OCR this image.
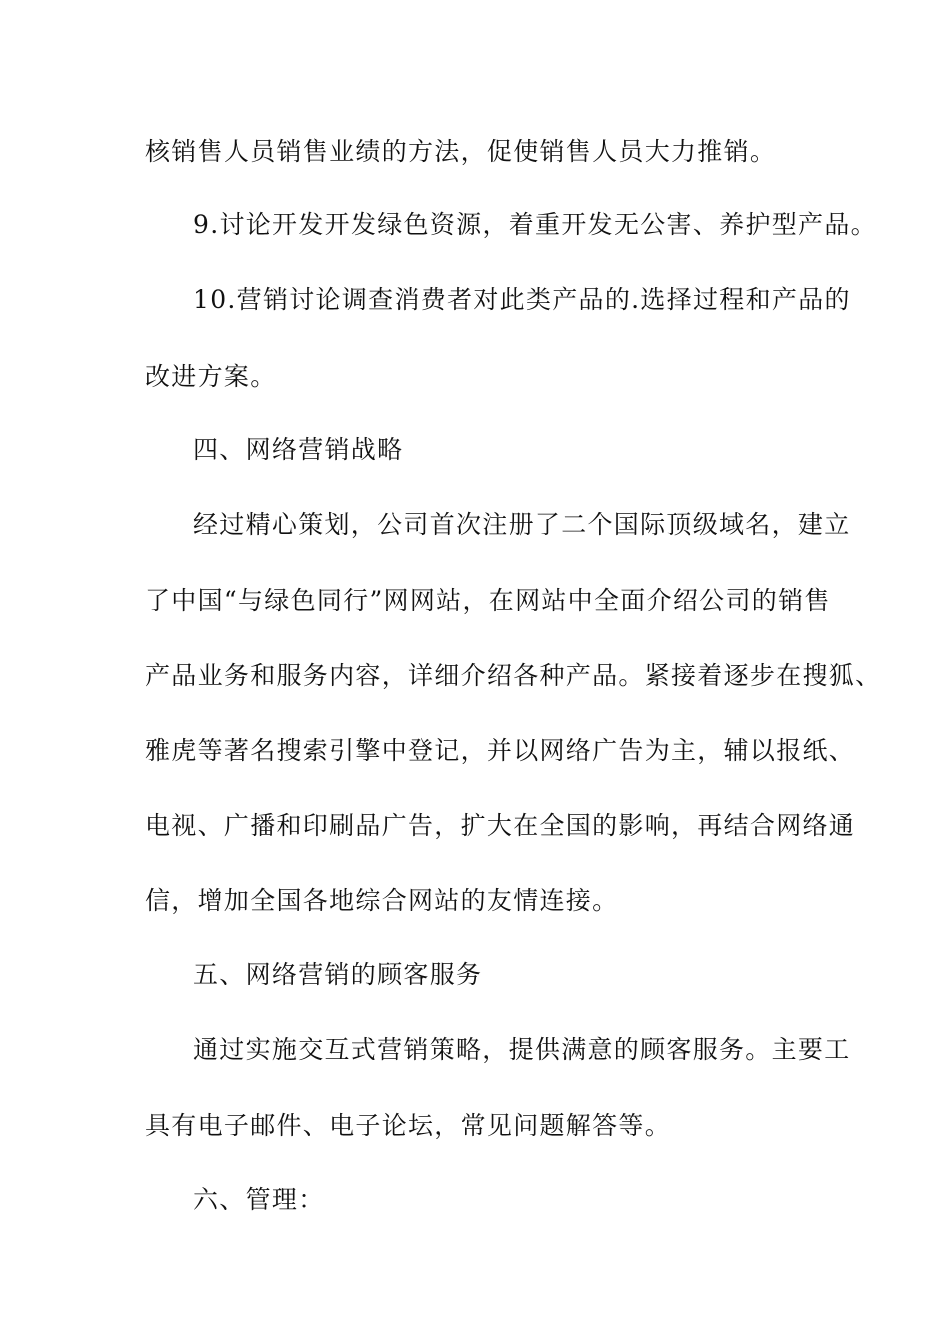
核销售人员销售业绩的方法，促使销售人员大力推销。
9.讨论开发开发绿色资源，着重开发无公害、养护型产品。
10.营销讨论调查消费者对此类产品的.选择过程和产品的
改进方案。
四、网络营销战略
经过精心策划，公司首次注册了二个国际顶级域名，建立
了中国“与绿色同行”网网站，在网站中全面介绍公司的销售
产品业务和服务内容，详细介绍各种产品。紧接着逐步在搜狐、
雅虎等著名搜索引擎中登记，并以网络广告为主，辅以报纸、
电视、广播和印刷品广告，扩大在全国的影响，再结合网络通
信，增加全国各地综合网站的友情连接。
五、网络营销的顾客服务
通过实施交互式营销策略，提供满意的顾客服务。主要工
具有电子邮件、电子论坛，常见问题解答等。
六、管理：
